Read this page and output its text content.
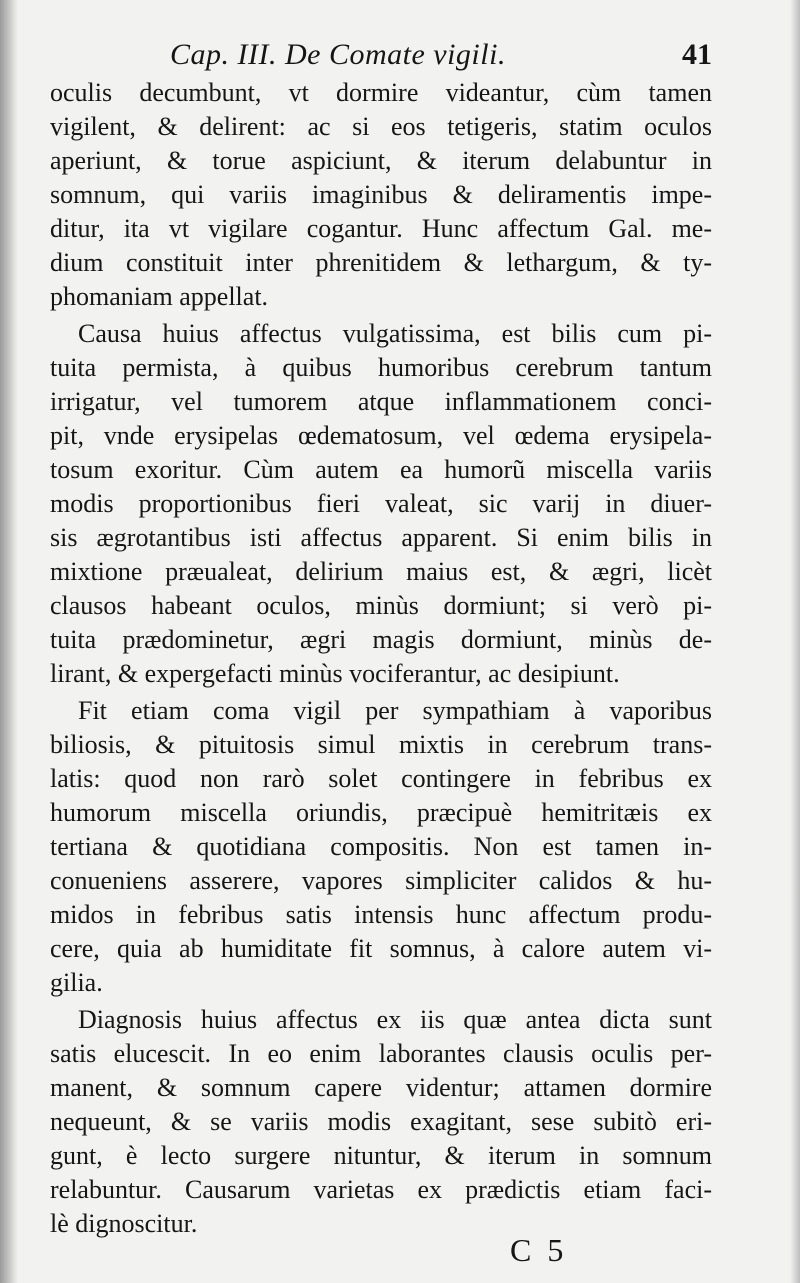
Cap. III. De Comate vigili.	41
oculis decumbunt, vt dormire videantur, cùm tamen
vigilent, & delirent: ac si eos tetigeris, statim oculos
aperiunt, & torue aspiciunt, & iterum delabuntur in
somnum, qui variis imaginibus & deliramentis impe-
ditur, ita vt vigilare cogantur. Hunc affectum Gal. me-
dium constituit inter phrenitidem & lethargum, & ty-
phomaniam appellat.
Causa huius affectus vulgatissima, est bilis cum pi-
tuita permista, à quibus humoribus cerebrum tantum
irrigatur, vel tumorem atque inflammationem conci-
pit, vnde erysipelas œdematosum, vel œdema erysipela-
tosum exoritur. Cùm autem ea humorũ miscella variis
modis proportionibus fieri valeat, sic varij in diuer-
sis ægrotantibus isti affectus apparent. Si enim bilis in
mixtione præualeat, delirium maius est, & ægri, licèt
clausos habeant oculos, minùs dormiunt; si verò pi-
tuita prædominetur, ægri magis dormiunt, minùs de-
lirant, & expergefacti minùs vociferantur, ac desipiunt.
Fit etiam coma vigil per sympathiam à vaporibus
biliosis, & pituitosis simul mixtis in cerebrum trans-
latis: quod non rarò solet contingere in febribus ex
humorum miscella oriundis, præcipuè hemitritæis ex
tertiana & quotidiana compositis. Non est tamen in-
conueniens asserere, vapores simpliciter calidos & hu-
midos in febribus satis intensis hunc affectum produ-
cere, quia ab humiditate fit somnus, à calore autem vi-
gilia.
Diagnosis huius affectus ex iis quæ antea dicta sunt
satis elucescit. In eo enim laborantes clausis oculis per-
manent, & somnum capere videntur; attamen dormire
nequeunt, & se variis modis exagitant, sese subitò eri-
gunt, è lecto surgere nituntur, & iterum in somnum
relabuntur. Causarum varietas ex prædictis etiam faci-
lè dignoscitur.
C 5
